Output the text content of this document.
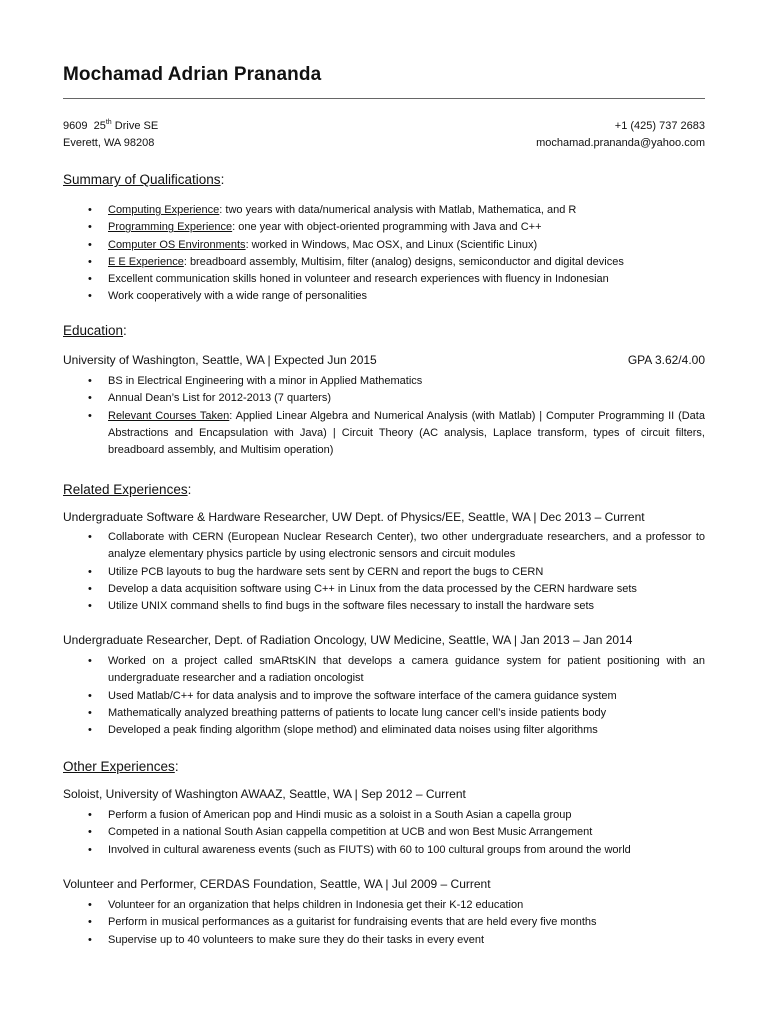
Mochamad Adrian Prananda
9609 25th Drive SE
Everett, WA 98208
+1 (425) 737 2683
mochamad.prananda@yahoo.com
Summary of Qualifications:
• Computing Experience: two years with data/numerical analysis with Matlab, Mathematica, and R
• Programming Experience: one year with object-oriented programming with Java and C++
• Computer OS Environments: worked in Windows, Mac OSX, and Linux (Scientific Linux)
• E E Experience: breadboard assembly, Multisim, filter (analog) designs, semiconductor and digital devices
• Excellent communication skills honed in volunteer and research experiences with fluency in Indonesian
• Work cooperatively with a wide range of personalities
Education:
University of Washington, Seattle, WA | Expected Jun 2015	GPA 3.62/4.00
• BS in Electrical Engineering with a minor in Applied Mathematics
• Annual Dean’s List for 2012-2013 (7 quarters)
• Relevant Courses Taken: Applied Linear Algebra and Numerical Analysis (with Matlab) | Computer Programming II (Data Abstractions and Encapsulation with Java) | Circuit Theory (AC analysis, Laplace transform, types of circuit filters, breadboard assembly, and Multisim operation)
Related Experiences:
Undergraduate Software & Hardware Researcher, UW Dept. of Physics/EE, Seattle, WA | Dec 2013 – Current
• Collaborate with CERN (European Nuclear Research Center), two other undergraduate researchers, and a professor to analyze elementary physics particle by using electronic sensors and circuit modules
• Utilize PCB layouts to bug the hardware sets sent by CERN and report the bugs to CERN
• Develop a data acquisition software using C++ in Linux from the data processed by the CERN hardware sets
• Utilize UNIX command shells to find bugs in the software files necessary to install the hardware sets
Undergraduate Researcher, Dept. of Radiation Oncology, UW Medicine, Seattle, WA | Jan 2013 – Jan 2014
• Worked on a project called smARtsKIN that develops a camera guidance system for patient positioning with an undergraduate researcher and a radiation oncologist
• Used Matlab/C++ for data analysis and to improve the software interface of the camera guidance system
• Mathematically analyzed breathing patterns of patients to locate lung cancer cell’s inside patients body
• Developed a peak finding algorithm (slope method) and eliminated data noises using filter algorithms
Other Experiences:
Soloist, University of Washington AWAAZ, Seattle, WA | Sep 2012 – Current
• Perform a fusion of American pop and Hindi music as a soloist in a South Asian a capella group
• Competed in a national South Asian cappella competition at UCB and won Best Music Arrangement
• Involved in cultural awareness events (such as FIUTS) with 60 to 100 cultural groups from around the world
Volunteer and Performer, CERDAS Foundation, Seattle, WA | Jul 2009 – Current
• Volunteer for an organization that helps children in Indonesia get their K-12 education
• Perform in musical performances as a guitarist for fundraising events that are held every five months
• Supervise up to 40 volunteers to make sure they do their tasks in every event
